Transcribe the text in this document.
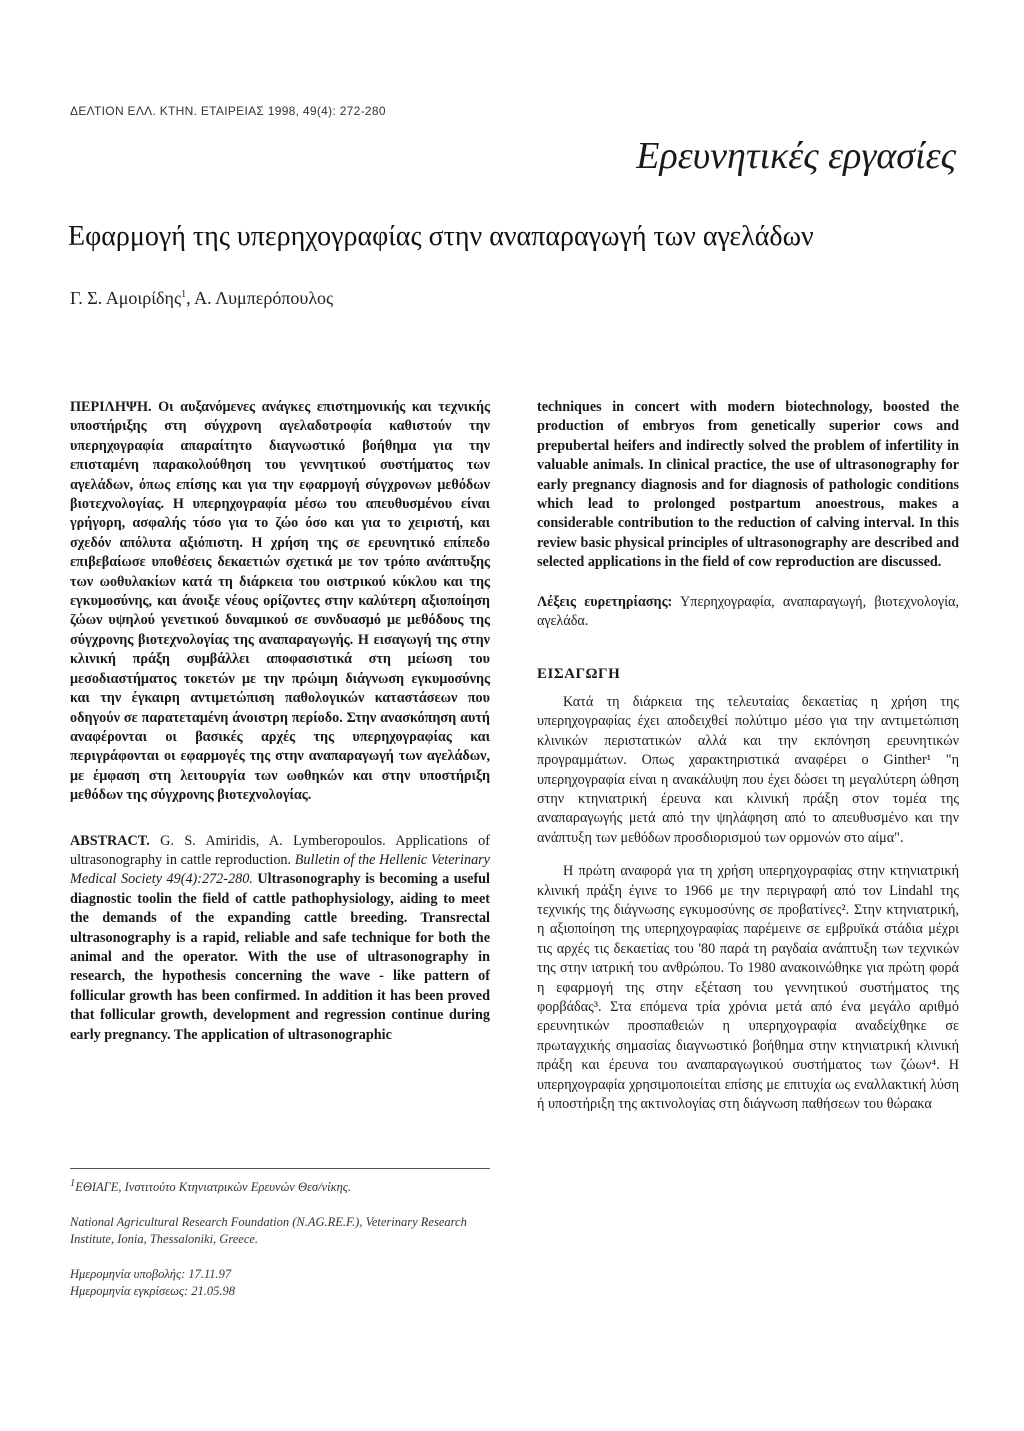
ΔΕΛΤΙΟΝ ΕΛΛ. ΚΤΗΝ. ΕΤΑΙΡΕΙΑΣ 1998, 49(4): 272-280
Ερευνητικές εργασίες
Εφαρμογή της υπερηχογραφίας στην αναπαραγωγή των αγελάδων
Γ. Σ. Αμοιρίδης$^1$, Α. Λυμπερόπουλος

ΠΕΡΙΛΗΨΗ. Οι αυξανόμενες ανάγκες επιστημονικής και τεχνικής υποστήριξης στη σύγχρονη αγελαδοτροφία καθιστούν την υπερηχογραφία απαραίτητο διαγνωστικό βοήθημα για την επισταμένη παρακολούθηση του γεννητικού συστήματος των αγελάδων, όπως επίσης και για την εφαρμογή σύγχρονων μεθόδων βιοτεχνολογίας. Η υπερηχογραφία μέσω του απευθυσμένου είναι γρήγορη, ασφαλής τόσο για το ζώο όσο και για το χειριστή, και σχεδόν απόλυτα αξιόπιστη. Η χρήση της σε ερευνητικό επίπεδο επιβεβαίωσε υποθέσεις δεκαετιών σχετικά με τον τρόπο ανάπτυξης των ωοθυλακίων κατά τη διάρκεια του οιστρικού κύκλου και της εγκυμοσύνης, και άνοιξε νέους ορίζοντες στην καλύτερη αξιοποίηση ζώων υψηλού γενετικού δυναμικού σε συνδυασμό με μεθόδους της σύγχρονης βιοτεχνολογίας της αναπαραγωγής. Η εισαγωγή της στην κλινική πράξη συμβάλλει αποφασιστικά στη μείωση του μεσοδιαστήματος τοκετών με την πρώιμη διάγνωση εγκυμοσύνης και την έγκαιρη αντιμετώπιση παθολογικών καταστάσεων που οδηγούν σε παρατεταμένη άνοιστρη περίοδο. Στην ανασκόπηση αυτή αναφέρονται οι βασικές αρχές της υπερηχογραφίας και περιγράφονται οι εφαρμογές της στην αναπαραγωγή των αγελάδων, με έμφαση στη λειτουργία των ωοθηκών και στην υποστήριξη μεθόδων της σύγχρονης βιοτεχνολογίας.

ABSTRACT. G. S. Amiridis, A. Lymberopoulos. Applications of ultrasonography in cattle reproduction. Bulletin of the Hellenic Veterinary Medical Society 49(4):272-280. Ultrasonography is becoming a useful diagnostic toolin the field of cattle pathophysiology, aiding to meet the demands of the expanding cattle breeding. Transrectal ultrasonography is a rapid, reliable and safe technique for both the animal and the operator. With the use of ultrasonography in research, the hypothesis concerning the wave - like pattern of follicular growth has been confirmed. In addition it has been proved that follicular growth, development and regression continue during early pregnancy. The application of ultrasonographic

$^1$ΕΘΙΑΓΕ, Ινστιτούτο Κτηνιατρικών Ερευνών Θεσ/νίκης.

National Agricultural Research Foundation (N.AG.RE.F.), Veterinary Research Institute, Ionia, Thessaloniki, Greece.

Ημερομηνία υποβολής: 17.11.97

Ημερομηνία εγκρίσεως: 21.05.98

techniques in concert with modern biotechnology, boosted the production of embryos from genetically superior cows and prepubertal heifers and indirectly solved the problem of infertility in valuable animals. In clinical practice, the use of ultrasonography for early pregnancy diagnosis and for diagnosis of pathologic conditions which lead to prolonged postpartum anoestrous, makes a considerable contribution to the reduction of calving interval. In this review basic physical principles of ultrasonography are described and selected applications in the field of cow reproduction are discussed.

Λέξεις ευρετηρίασης: Υπερηχογραφία, αναπαραγωγή, βιοτεχνολογία, αγελάδα.

ΕΙΣΑΓΩΓΗ

Κατά τη διάρκεια της τελευταίας δεκαετίας η χρήση της υπερηχογραφίας έχει αποδειχθεί πολύτιμο μέσο για την αντιμετώπιση κλινικών περιστατικών αλλά και την εκπόνηση ερευνητικών προγραμμάτων. Οπως χαρακτηριστικά αναφέρει ο Ginther¹ "η υπερηχογραφία είναι η ανακάλυψη που έχει δώσει τη μεγαλύτερη ώθηση στην κτηνιατρική έρευνα και κλινική πράξη στον τομέα της αναπαραγωγής μετά από την ψηλάφηση από το απευθυσμένο και την ανάπτυξη των μεθόδων προσδιορισμού των ορμονών στο αίμα".

Η πρώτη αναφορά για τη χρήση υπερηχογραφίας στην κτηνιατρική κλινική πράξη έγινε το 1966 με την περιγραφή από τον Lindahl της τεχνικής της διάγνωσης εγκυμοσύνης σε προβατίνες². Στην κτηνιατρική, η αξιοποίηση της υπερηχογραφίας παρέμεινε σε εμβρυϊκά στάδια μέχρι τις αρχές τις δεκαετίας του '80 παρά τη ραγδαία ανάπτυξη των τεχνικών της στην ιατρική του ανθρώπου. Το 1980 ανακοινώθηκε για πρώτη φορά η εφαρμογή της στην εξέταση του γεννητικού συστήματος της φορβάδας³. Στα επόμενα τρία χρόνια μετά από ένα μεγάλο αριθμό ερευνητικών προσπαθειών η υπερηχογραφία αναδείχθηκε σε πρωταγχικής σημασίας διαγνωστικό βοήθημα στην κτηνιατρική κλινική πράξη και έρευνα του αναπαραγωγικού συστήματος των ζώων⁴. Η υπερηχογραφία χρησιμοποιείται επίσης με επιτυχία ως εναλλακτική λύση ή υποστήριξη της ακτινολογίας στη διάγνωση παθήσεων του θώρακα
